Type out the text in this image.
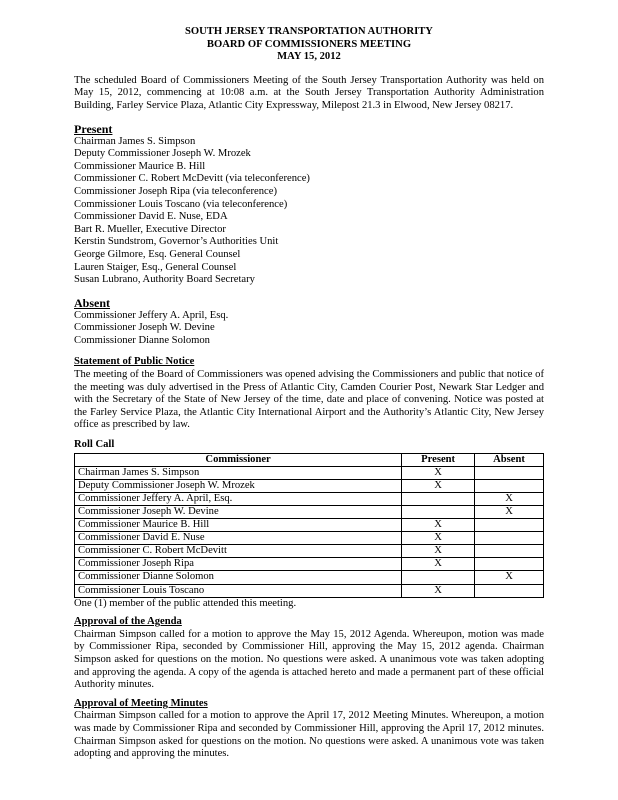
SOUTH JERSEY TRANSPORTATION AUTHORITY
BOARD OF COMMISSIONERS MEETING
MAY 15, 2012

The scheduled Board of Commissioners Meeting of the South Jersey Transportation Authority was held on May 15, 2012, commencing at 10:08 a.m. at the South Jersey Transportation Authority Administration Building, Farley Service Plaza, Atlantic City Expressway, Milepost 21.3 in Elwood, New Jersey 08217.

Present
Chairman James S. Simpson
Deputy Commissioner Joseph W. Mrozek
Commissioner Maurice B. Hill
Commissioner C. Robert McDevitt (via teleconference)
Commissioner Joseph Ripa (via teleconference)
Commissioner Louis Toscano (via teleconference)
Commissioner David E. Nuse, EDA
Bart R. Mueller, Executive Director
Kerstin Sundstrom, Governor’s Authorities Unit
George Gilmore, Esq. General Counsel
Lauren Staiger, Esq., General Counsel
Susan Lubrano, Authority Board Secretary
Absent
Commissioner Jeffery A. April, Esq.
Commissioner Joseph W. Devine
Commissioner Dianne Solomon
Statement of Public Notice

The meeting of the Board of Commissioners was opened advising the Commissioners and public that notice of the meeting was duly advertised in the Press of Atlantic City, Camden Courier Post, Newark Star Ledger and with the Secretary of the State of New Jersey of the time, date and place of convening. Notice was posted at the Farley Service Plaza, the Atlantic City International Airport and the Authority’s Atlantic City, New Jersey office as prescribed by law.

Roll Call
Commissioner	Present	Absent
Chairman James S. Simpson	X	
Deputy Commissioner Joseph W. Mrozek	X	
Commissioner Jeffery A. April, Esq.		X
Commissioner Joseph W. Devine		X
Commissioner Maurice B. Hill	X	
Commissioner David E. Nuse	X	
Commissioner C. Robert McDevitt	X	
Commissioner Joseph Ripa	X	
Commissioner Dianne Solomon		X
Commissioner Louis Toscano	X	
One (1) member of the public attended this meeting.
Approval of the Agenda

Chairman Simpson called for a motion to approve the May 15, 2012 Agenda. Whereupon, motion was made by Commissioner Ripa, seconded by Commissioner Hill, approving the May 15, 2012 agenda. Chairman Simpson asked for questions on the motion. No questions were asked. A unanimous vote was taken adopting and approving the agenda. A copy of the agenda is attached hereto and made a permanent part of these official Authority minutes.

Approval of Meeting Minutes

Chairman Simpson called for a motion to approve the April 17, 2012 Meeting Minutes. Whereupon, a motion was made by Commissioner Ripa and seconded by Commissioner Hill, approving the April 17, 2012 minutes. Chairman Simpson asked for questions on the motion. No questions were asked. A unanimous vote was taken adopting and approving the minutes.
